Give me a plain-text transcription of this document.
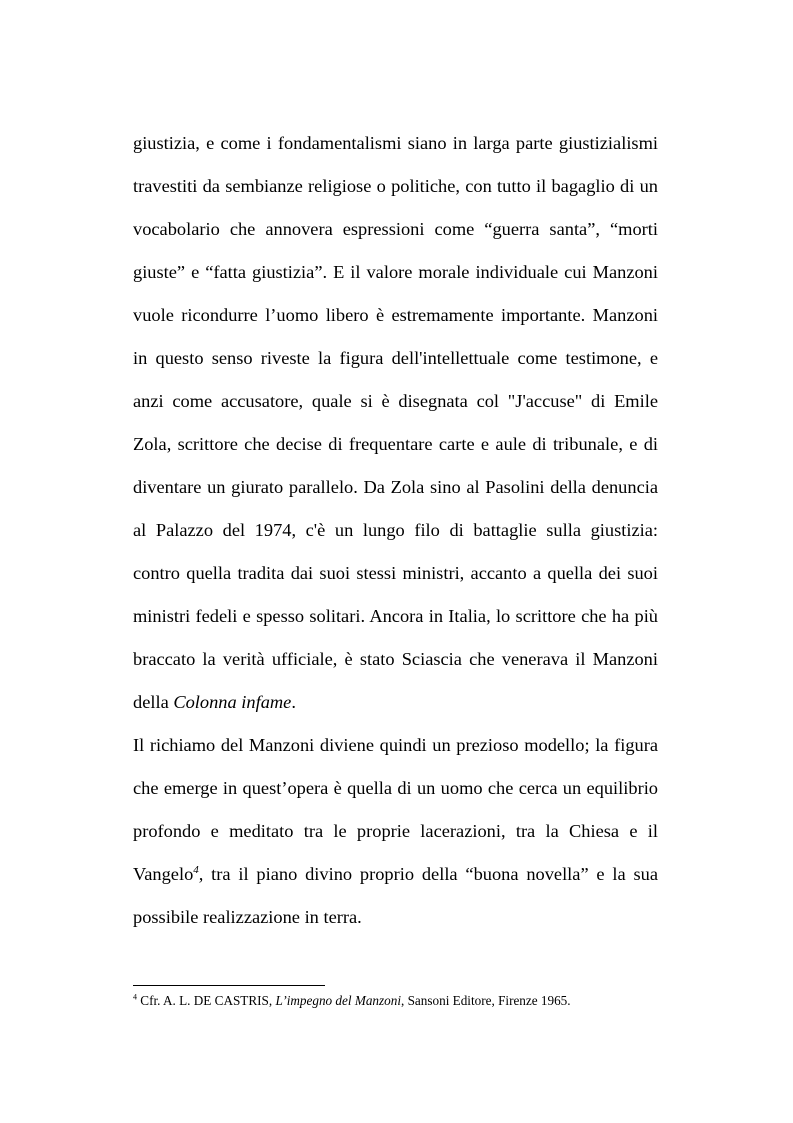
giustizia, e come i fondamentalismi siano in larga parte giustizialismi
travestiti da sembianze religiose o politiche, con tutto il bagaglio di un
vocabolario che annovera espressioni come “guerra santa”, “morti
giuste” e “fatta giustizia”. E il valore morale individuale cui Manzoni
vuole ricondurre l’uomo libero è estremamente importante. Manzoni
in questo senso riveste la figura dell'intellettuale come testimone, e
anzi come accusatore, quale si è disegnata col "J'accuse" di Emile
Zola, scrittore che decise di frequentare carte e aule di tribunale, e di
diventare un giurato parallelo. Da Zola sino al Pasolini della denuncia
al Palazzo del 1974, c'è un lungo filo di battaglie sulla giustizia:
contro quella tradita dai suoi stessi ministri, accanto a quella dei suoi
ministri fedeli e spesso solitari. Ancora in Italia, lo scrittore che ha più
braccato la verità ufficiale, è stato Sciascia che venerava il Manzoni
della Colonna infame.
Il richiamo del Manzoni diviene quindi un prezioso modello; la figura
che emerge in quest’opera è quella di un uomo che cerca un equilibrio
profondo e meditato tra le proprie lacerazioni, tra la Chiesa e il
Vangelo$^4$, tra il piano divino proprio della “buona novella” e la sua
possibile realizzazione in terra.

$^4$ Cfr. A. L. DE CASTRIS, L’impegno del Manzoni, Sansoni Editore, Firenze 1965.
